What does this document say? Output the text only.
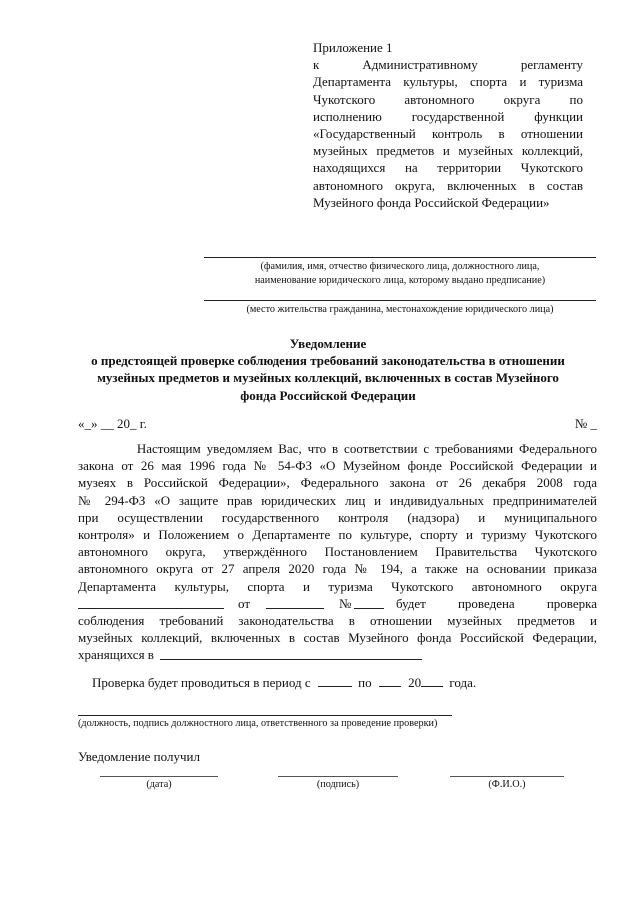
Приложение 1
к         Административному         регламенту
Департамента культуры, спорта и туризма
Чукотского     автономного     округа     по
исполнению     государственной     функции
«Государственный контроль в отношении
музейных предметов и музейных коллекций,
находящихся   на   территории   Чукотского
автономного округа, включенных в состав
Музейного фонда Российской Федерации»
(фамилия, имя, отчество физического лица, должностного лица,
наименование юридического лица, которому выдано предписание)
(место жительства гражданина, местонахождение юридического лица)
Уведомление
о предстоящей проверке соблюдения требований законодательства в отношении
музейных предметов и музейных коллекций, включенных в состав Музейного
фонда Российской Федерации
«_» __ 20_ г.	№ _
Настоящим уведомляем Вас, что в соответствии с требованиями Федерального
закона от 26 мая 1996 года № 54-ФЗ «О Музейном фонде Российской Федерации и
музеях в Российской Федерации», Федерального закона от 26 декабря 2008 года
№ 294-ФЗ «О защите прав юридических лиц и индивидуальных предпринимателей
при   осуществлении   государственного   контроля   (надзора)   и   муниципального
контроля» и Положением о Департаменте по культуре, спорту и туризму Чукотского
автономного округа, утверждённого Постановлением Правительства Чукотского
автономного округа от 27 апреля 2020 года № 194, а также на основании приказа
Департамента    культуры,    спорта    и    туризма    Чукотского    автономного    округа
от	№	будет     проведена     проверка
соблюдения требований законодательства в отношении музейных предметов и
музейных коллекций, включенных в состав Музейного фонда Российской Федерации,
хранящихся в
Проверка будет проводиться в период с	по	20 года.
(должность, подпись должностного лица, ответственного за проведение проверки)
Уведомление получил
(дата)	(подпись)	(Ф.И.О.)
